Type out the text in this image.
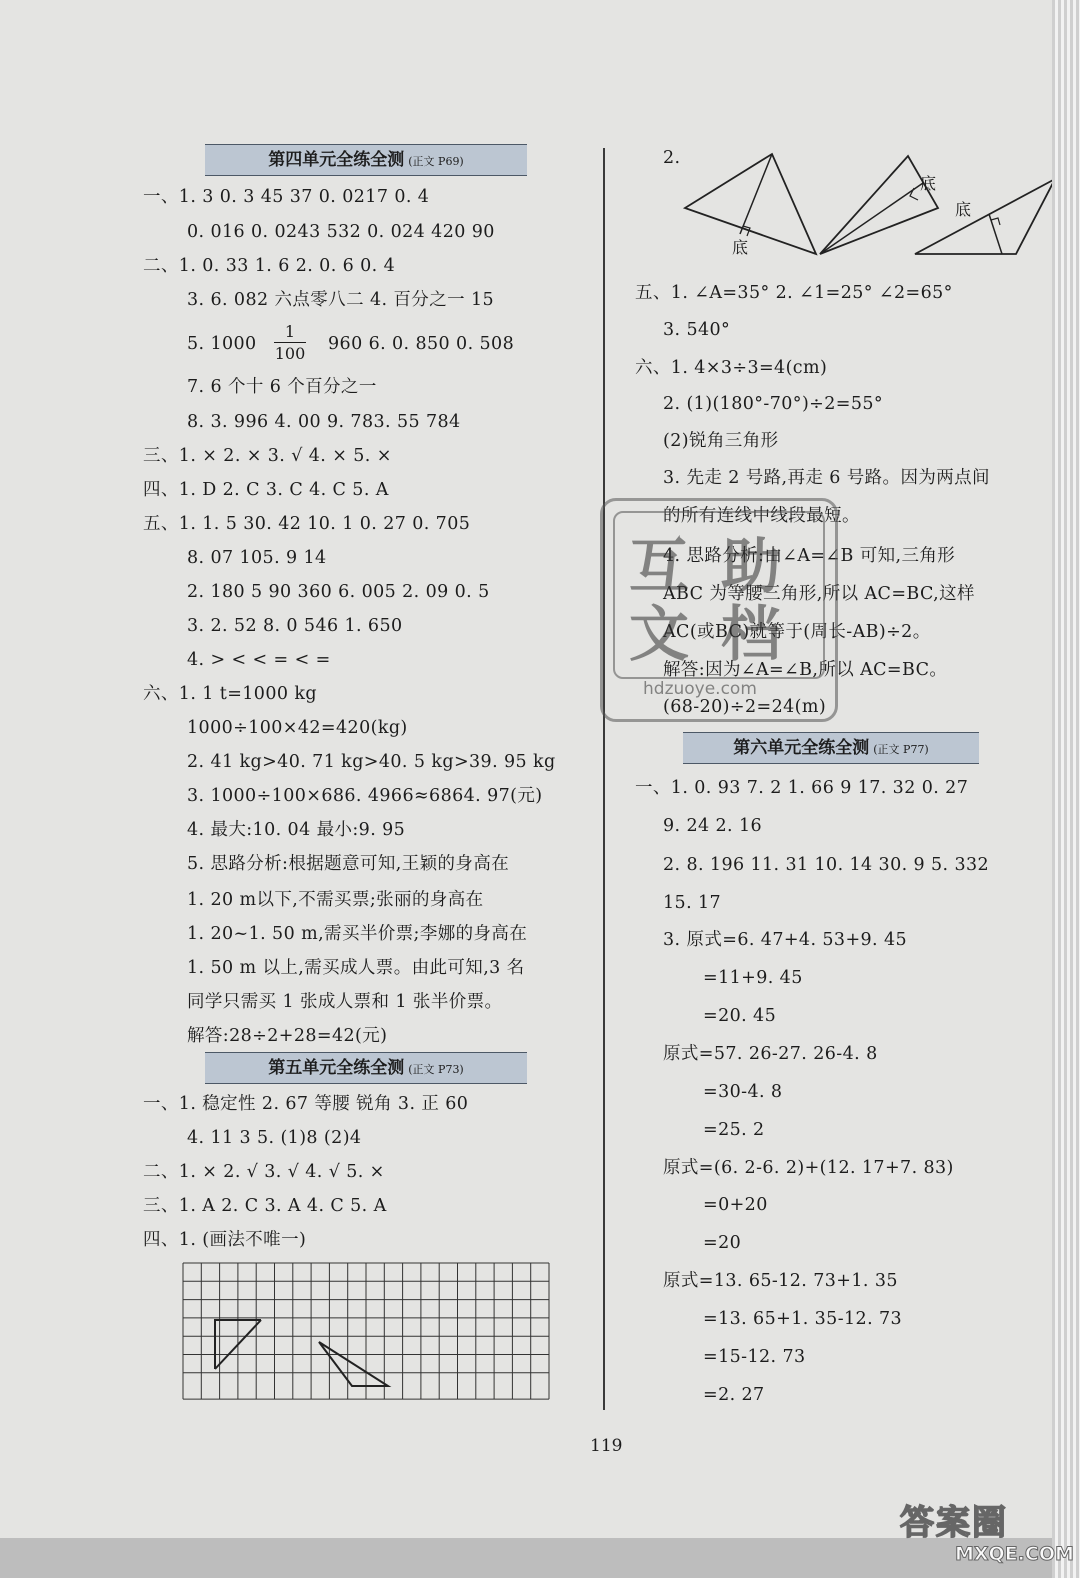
第四单元全练全测 (正文 P69)
一、1. 3 0. 3 45 37 0. 0217 0. 4
0. 016 0. 0243 532 0. 024 420 90
二、1. 0. 33 1. 6 2. 0. 6 0. 4
3. 6. 082 六点零八二 4. 百分之一 15
5. 1000
1
100	960 6. 0. 850 0. 508
7. 6 个十 6 个百分之一
8. 3. 996 4. 00 9. 783. 55 784
三、1. × 2. × 3. √ 4. × 5. ×
四、1. D 2. C 3. C 4. C 5. A
五、1. 1. 5 30. 42 10. 1 0. 27 0. 705
8. 07 105. 9 14
2. 180 5 90 360 6. 005 2. 09 0. 5
3. 2. 52 8. 0 546 1. 650
4. > < < = < =
六、1. 1 t=1000 kg
1000÷100×42=420(kg)
2. 41 kg>40. 71 kg>40. 5 kg>39. 95 kg
3. 1000÷100×686. 4966≈6864. 97(元)
4. 最大:10. 04 最小:9. 95
5. 思路分析:根据题意可知,王颖的身高在
1. 20 m以下,不需买票;张丽的身高在
1. 20~1. 50 m,需买半价票;李娜的身高在
1. 50 m 以上,需买成人票。由此可知,3 名
同学只需买 1 张成人票和 1 张半价票。
解答:28÷2+28=42(元)
第五单元全练全测 (正文 P73)
一、1. 稳定性 2. 67 等腰 锐角 3. 正 60
4. 11 3 5. (1)8 (2)4
二、1. × 2. √ 3. √ 4. √ 5. ×
三、1. A 2. C 3. A 4. C 5. A
四、1. (画法不唯一)
2.
底
底
底
五、1. ∠A=35° 2. ∠1=25° ∠2=65°
3. 540°
六、1. 4×3÷3=4(cm)
2. (1)(180°-70°)÷2=55°
(2)锐角三角形
3. 先走 2 号路,再走 6 号路。因为两点间
的所有连线中线段最短。
4. 思路分析:由∠A=∠B 可知,三角形
ABC 为等腰三角形,所以 AC=BC,这样
AC(或BC)就等于(周长-AB)÷2。
解答:因为∠A=∠B,所以 AC=BC。
(68-20)÷2=24(m)
第六单元全练全测 (正文 P77)
一、1. 0. 93 7. 2 1. 66 9 17. 32 0. 27
9. 24 2. 16
2. 8. 196 11. 31 10. 14 30. 9 5. 332
15. 17
3. 原式=6. 47+4. 53+9. 45
=11+9. 45
=20. 45
原式=57. 26-27. 26-4. 8
=30-4. 8
=25. 2
原式=(6. 2-6. 2)+(12. 17+7. 83)
=0+20
=20
原式=13. 65-12. 73+1. 35
=13. 65+1. 35-12. 73
=15-12. 73
=2. 27
互 助
文 档
hdzuoye.com
119
答案圈
MXQE.COM
